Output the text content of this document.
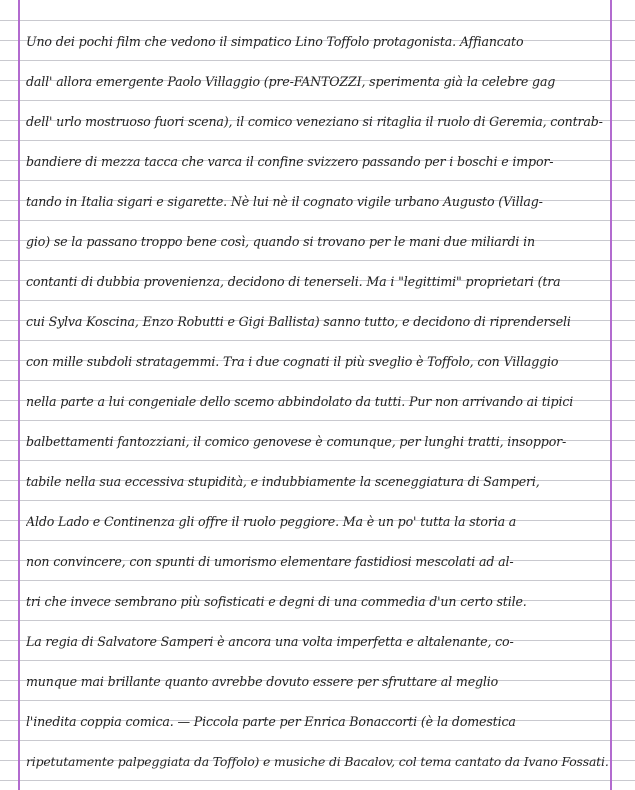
Uno dei pochi film che vedono il simpatico Lino Toffolo protagonista. Affiancato

dall' allora emergente Paolo Villaggio (pre-FANTOZZI, sperimenta già la celebre gag

dell' urlo mostruoso fuori scena), il comico veneziano si ritaglia il ruolo di Geremia, contrab-

bandiere di mezza tacca che varca il confine svizzero passando per i boschi e impor-

tando in Italia sigari e sigarette. Nè lui nè il cognato vigile urbano Augusto (Villag-

gio) se la passano troppo bene così, quando si trovano per le mani due miliardi in

contanti di dubbia provenienza, decidono di tenerseli. Ma i "legittimi" proprietari (tra

cui Sylva Koscina, Enzo Robutti e Gigi Ballista) sanno tutto, e decidono di riprenderseli

con mille subdoli stratagemmi. Tra i due cognati il più sveglio è Toffolo, con Villaggio

nella parte a lui congeniale dello scemo abbindolato da tutti. Pur non arrivando ai tipici

balbettamenti fantozziani, il comico genovese è comunque, per lunghi tratti, insoppor-

tabile nella sua eccessiva stupidità, e indubbiamente la sceneggiatura di Samperi,

Aldo Lado e Continenza gli offre il ruolo peggiore. Ma è un po' tutta la storia a

non convincere, con spunti di umorismo elementare fastidiosi mescolati ad al-

tri che invece sembrano più sofisticati e degni di una commedia d'un certo stile.

La regia di Salvatore Samperi è ancora una volta imperfetta e altalenante, co-

munque mai brillante quanto avrebbe dovuto essere per sfruttare al meglio

l'inedita coppia comica. — Piccola parte per Enrica Bonaccorti (è la domestica

ripetutamente palpeggiata da Toffolo) e musiche di Bacalov, col tema cantato da Ivano Fossati.
